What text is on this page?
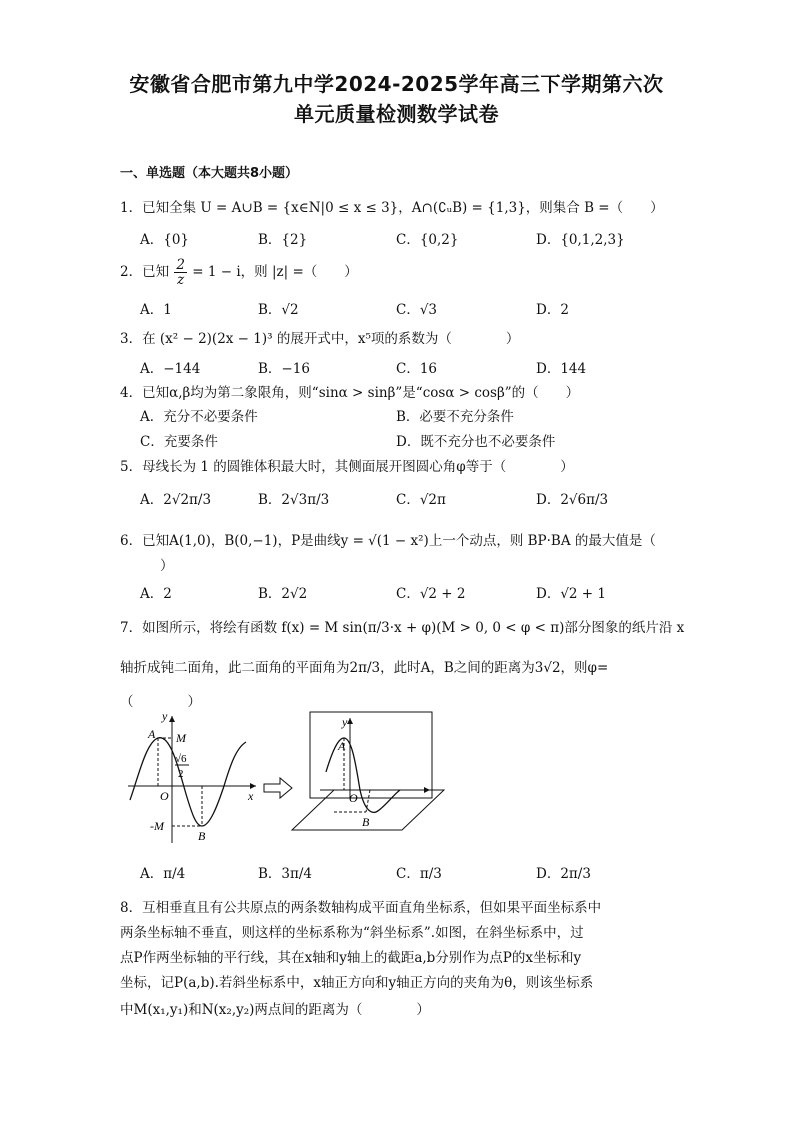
安徽省合肥市第九中学2024-2025学年高三下学期第六次
单元质量检测数学试卷
一、单选题（本大题共8小题）
1．已知全集 U = A∪B = {x∈N|0 ≤ x ≤ 3}，A∩(∁ᵤB) = {1,3}，则集合 B =（　　）
A．{0}	B．{2}	C．{0,2}	D．{0,1,2,3}
2．已知 $\frac{2}{z} = 1 - i$，则 |z| =（　　）
A．1	B．√2	C．√3	D．2
3．在 (x² − 2)(2x − 1)³ 的展开式中，x⁵项的系数为（　　　　）
A．−144	B．−16	C．16	D．144
4．已知α,β均为第二象限角，则“sinα > sinβ”是“cosα > cosβ”的（　　）
A．充分不必要条件	B．必要不充分条件
C．充要条件	D．既不充分也不必要条件
5．母线长为 1 的圆锥体积最大时，其侧面展开图圆心角φ等于（　　　　）
A．2√2π/3	B．2√3π/3	C．√2π	D．2√6π/3
6．已知A(1,0)，B(0,−1)，P是曲线y = √(1 − x²)上一个动点，则 BP·BA 的最大值是（
）
A．2	B．2√2	C．√2 + 2	D．√2 + 1
7．如图所示，将绘有函数 f(x) = M sin(π/3·x + φ)(M > 0, 0 < φ < π)部分图象的纸片沿 x
轴折成钝二面角，此二面角的平面角为2π/3，此时A，B之间的距离为3√2，则φ=
（　　　　）
y
A M
√6
2
O	x
-M
B
y
A
O
B
A．π/4	B．3π/4	C．π/3	D．2π/3
8．互相垂直且有公共原点的两条数轴构成平面直角坐标系，但如果平面坐标系中
两条坐标轴不垂直，则这样的坐标系称为“斜坐标系”.如图，在斜坐标系中，过
点P作两坐标轴的平行线，其在x轴和y轴上的截距a,b分别作为点P的x坐标和y
坐标，记P(a,b).若斜坐标系中，x轴正方向和y轴正方向的夹角为θ，则该坐标系
中M(x₁,y₁)和N(x₂,y₂)两点间的距离为（　　　　）
